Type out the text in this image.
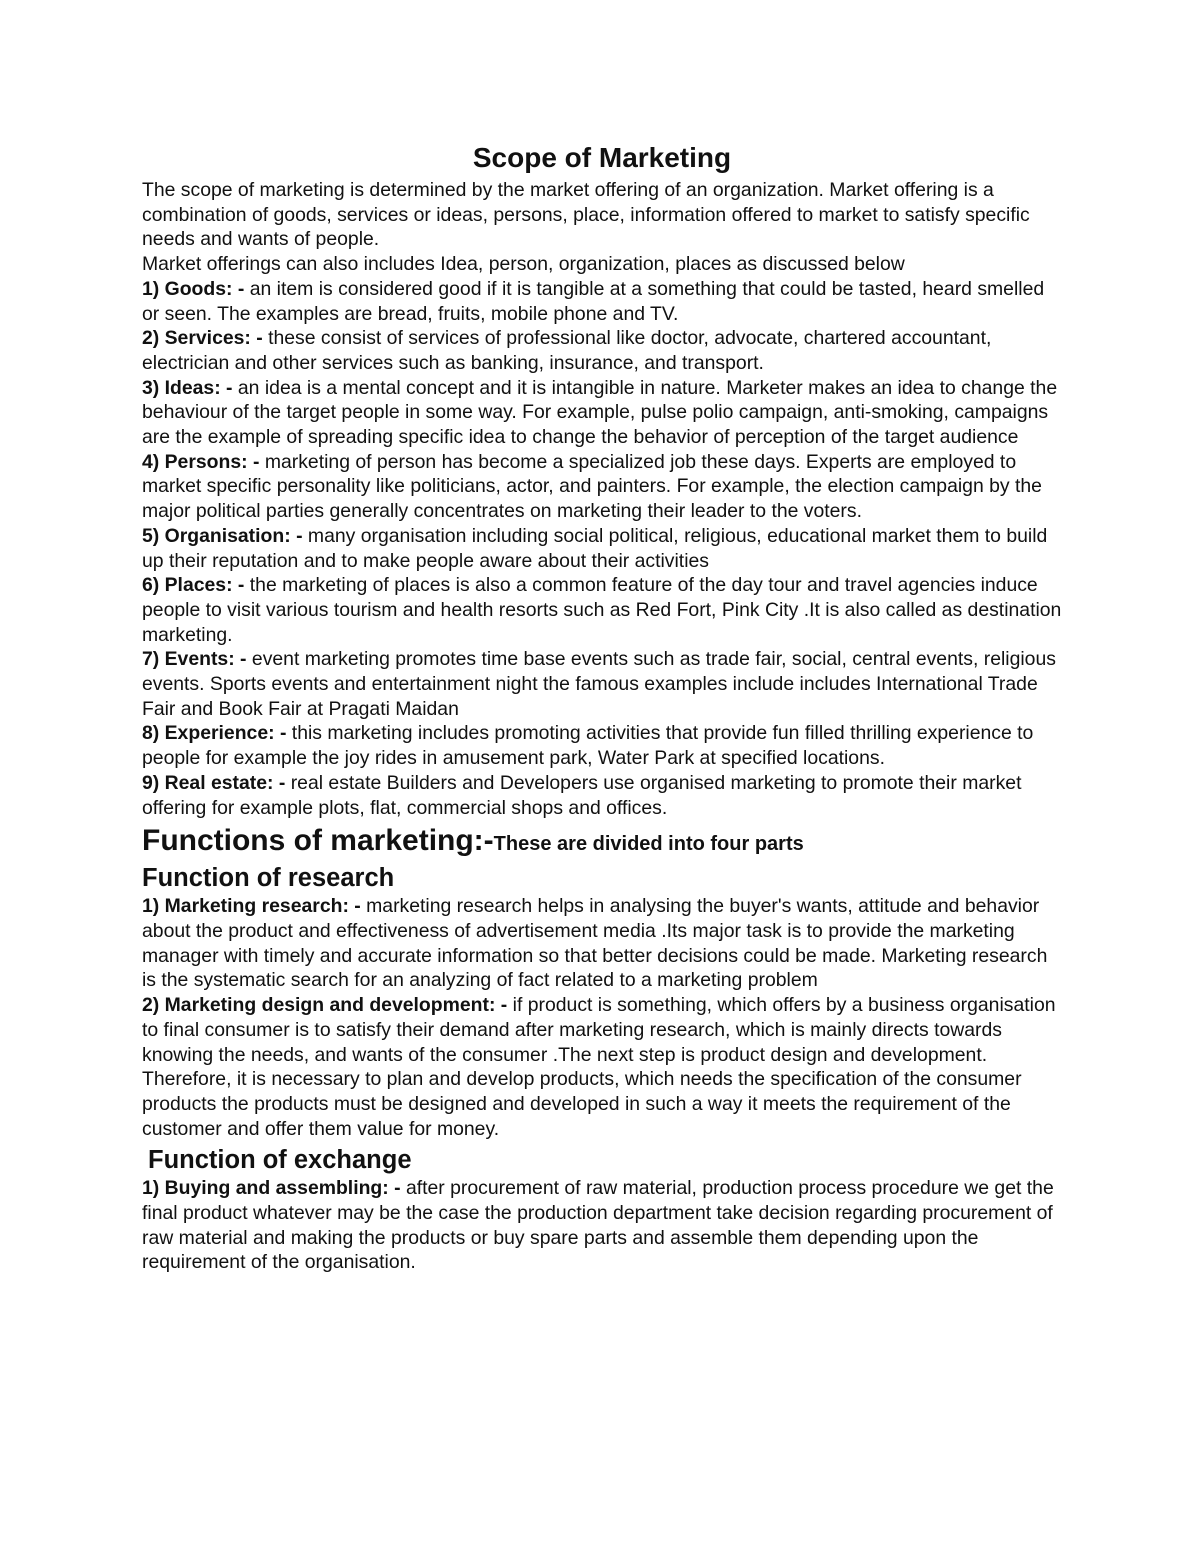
Scope of Marketing

The scope of marketing is determined by the market offering of an organization. Market offering is a combination of goods, services or ideas, persons, place, information offered to market to satisfy specific needs and wants of people.

Market offerings can also includes Idea, person, organization, places as discussed below

1) Goods: - an item is considered good if it is tangible at a something that could be tasted, heard smelled or seen. The examples are bread, fruits, mobile phone and TV.

2) Services: - these consist of services of professional like doctor, advocate, chartered accountant, electrician and other services such as banking, insurance, and transport.

3) Ideas: - an idea is a mental concept and it is intangible in nature. Marketer makes an idea to change the behaviour of the target people in some way. For example, pulse polio campaign, anti-smoking, campaigns are the example of spreading specific idea to change the behavior of perception of the target audience

4) Persons: - marketing of person has become a specialized job these days. Experts are employed to market specific personality like politicians, actor, and painters. For example, the election campaign by the major political parties generally concentrates on marketing their leader to the voters.

5) Organisation: - many organisation including social political, religious, educational market them to build up their reputation and to make people aware about their activities

6) Places: - the marketing of places is also a common feature of the day tour and travel agencies induce people to visit various tourism and health resorts such as Red Fort, Pink City .It is also called as destination marketing.

7) Events: - event marketing promotes time base events such as trade fair, social, central events, religious events. Sports events and entertainment night the famous examples include includes International Trade Fair and Book Fair at Pragati Maidan

8) Experience: - this marketing includes promoting activities that provide fun filled thrilling experience to people for example the joy rides in amusement park, Water Park at specified locations.

9) Real estate: - real estate Builders and Developers use organised marketing to promote their market offering for example plots, flat, commercial shops and offices.

Functions of marketing:-These are divided into four parts
Function of research

1) Marketing research: - marketing research helps in analysing the buyer's wants, attitude and behavior about the product and effectiveness of advertisement media .Its major task is to provide the marketing manager with timely and accurate information so that better decisions could be made. Marketing research is the systematic search for an analyzing of fact related to a marketing problem

2) Marketing design and development: - if product is something, which offers by a business organisation to final consumer is to satisfy their demand after marketing research, which is mainly directs towards knowing the needs, and wants of the consumer .The next step is product design and development. Therefore, it is necessary to plan and develop products, which needs the specification of the consumer products the products must be designed and developed in such a way it meets the requirement of the customer and offer them value for money.

Function of exchange

1) Buying and assembling: - after procurement of raw material, production process procedure we get the final product whatever may be the case the production department take decision regarding procurement of raw material and making the products or buy spare parts and assemble them depending upon the requirement of the organisation.
